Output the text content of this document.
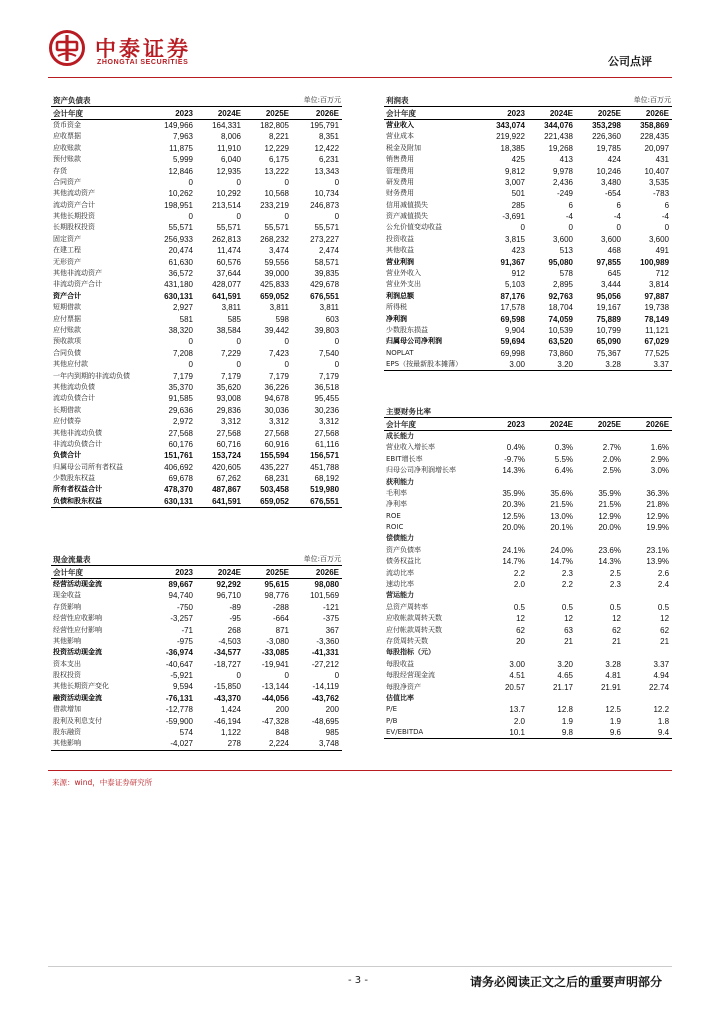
中泰证券
ZHONGTAI SECURITIES	公司点评
资产负债表			单位:百万元	
会计年度	2023	2024E	2025E	2026E
货币资金	149,966	164,331	182,805	195,791
应收票据	7,963	8,006	8,221	8,351
应收账款	11,875	11,910	12,229	12,422
预付账款	5,999	6,040	6,175	6,231
存货	12,846	12,935	13,222	13,343
合同资产	0	0	0	0
其他流动资产	10,262	10,292	10,568	10,734
流动资产合计	198,951	213,514	233,219	246,873
其他长期投资	0	0	0	0
长期股权投资	55,571	55,571	55,571	55,571
固定资产	256,933	262,813	268,232	273,227
在建工程	20,474	11,474	3,474	2,474
无形资产	61,630	60,576	59,556	58,571
其他非流动资产	36,572	37,644	39,000	39,835
非流动资产合计	431,180	428,077	425,833	429,678
资产合计	630,131	641,591	659,052	676,551
短期借款	2,927	3,811	3,811	3,811
应付票据	581	585	598	603
应付账款	38,320	38,584	39,442	39,803
预收款项	0	0	0	0
合同负债	7,208	7,229	7,423	7,540
其他应付款	0	0	0	0
一年内到期的非流动负债	7,179	7,179	7,179	7,179
其他流动负债	35,370	35,620	36,226	36,518
流动负债合计	91,585	93,008	94,678	95,455
长期借款	29,636	29,836	30,036	30,236
应付债券	2,972	3,312	3,312	3,312
其他非流动负债	27,568	27,568	27,568	27,568
非流动负债合计	60,176	60,716	60,916	61,116
负债合计	151,761	153,724	155,594	156,571
归属母公司所有者权益	406,692	420,605	435,227	451,788
少数股东权益	69,678	67,262	68,231	68,192
所有者权益合计	478,370	487,867	503,458	519,980
负债和股东权益	630,131	641,591	659,052	676,551
利润表			单位:百万元	
会计年度	2023	2024E	2025E	2026E
营业收入	343,074	344,076	353,298	358,869
营业成本	219,922	221,438	226,360	228,435
税金及附加	18,385	19,268	19,785	20,097
销售费用	425	413	424	431
管理费用	9,812	9,978	10,246	10,407
研发费用	3,007	2,436	3,480	3,535
财务费用	501	-249	-654	-783
信用减值损失	285	6	6	6
资产减值损失	-3,691	-4	-4	-4
公允价值变动收益	0	0	0	0
投资收益	3,815	3,600	3,600	3,600
其他收益	423	513	468	491
营业利润	91,367	95,080	97,855	100,989
营业外收入	912	578	645	712
营业外支出	5,103	2,895	3,444	3,814
利润总额	87,176	92,763	95,056	97,887
所得税	17,578	18,704	19,167	19,738
净利润	69,598	74,059	75,889	78,149
少数股东损益	9,904	10,539	10,799	11,121
归属母公司净利润	59,694	63,520	65,090	67,029
NOPLAT	69,998	73,860	75,367	77,525
EPS（按最新股本摊薄）	3.00	3.20	3.28	3.37
现金流量表			单位:百万元	
会计年度	2023	2024E	2025E	2026E
经营活动现金流	89,667	92,292	95,615	98,080
现金收益	94,740	96,710	98,776	101,569
存货影响	-750	-89	-288	-121
经营性应收影响	-3,257	-95	-664	-375
经营性应付影响	-71	268	871	367
其他影响	-975	-4,503	-3,080	-3,360
投资活动现金流	-36,974	-34,577	-33,085	-41,331
资本支出	-40,647	-18,727	-19,941	-27,212
股权投资	-5,921	0	0	0
其他长期资产变化	9,594	-15,850	-13,144	-14,119
融资活动现金流	-76,131	-43,370	-44,056	-43,762
借款增加	-12,778	1,424	200	200
股利及利息支付	-59,900	-46,194	-47,328	-48,695
股东融资	574	1,122	848	985
其他影响	-4,027	278	2,224	3,748
主要财务比率				
会计年度	2023	2024E	2025E	2026E
成长能力				
营业收入增长率	0.4%	0.3%	2.7%	1.6%
EBIT增长率	-9.7%	5.5%	2.0%	2.9%
归母公司净利润增长率	14.3%	6.4%	2.5%	3.0%
获利能力				
毛利率	35.9%	35.6%	35.9%	36.3%
净利率	20.3%	21.5%	21.5%	21.8%
ROE	12.5%	13.0%	12.9%	12.9%
ROIC	20.0%	20.1%	20.0%	19.9%
偿债能力				
资产负债率	24.1%	24.0%	23.6%	23.1%
债务权益比	14.7%	14.7%	14.3%	13.9%
流动比率	2.2	2.3	2.5	2.6
速动比率	2.0	2.2	2.3	2.4
营运能力				
总资产周转率	0.5	0.5	0.5	0.5
应收帐款周转天数	12	12	12	12
应付帐款周转天数	62	63	62	62
存货周转天数	20	21	21	21
每股指标（元）				
每股收益	3.00	3.20	3.28	3.37
每股经营现金流	4.51	4.65	4.81	4.94
每股净资产	20.57	21.17	21.91	22.74
估值比率				
P/E	13.7	12.8	12.5	12.2
P/B	2.0	1.9	1.9	1.8
EV/EBITDA	10.1	9.8	9.6	9.4
来源：wind，中泰证券研究所
- 3 -	请务必阅读正文之后的重要声明部分
